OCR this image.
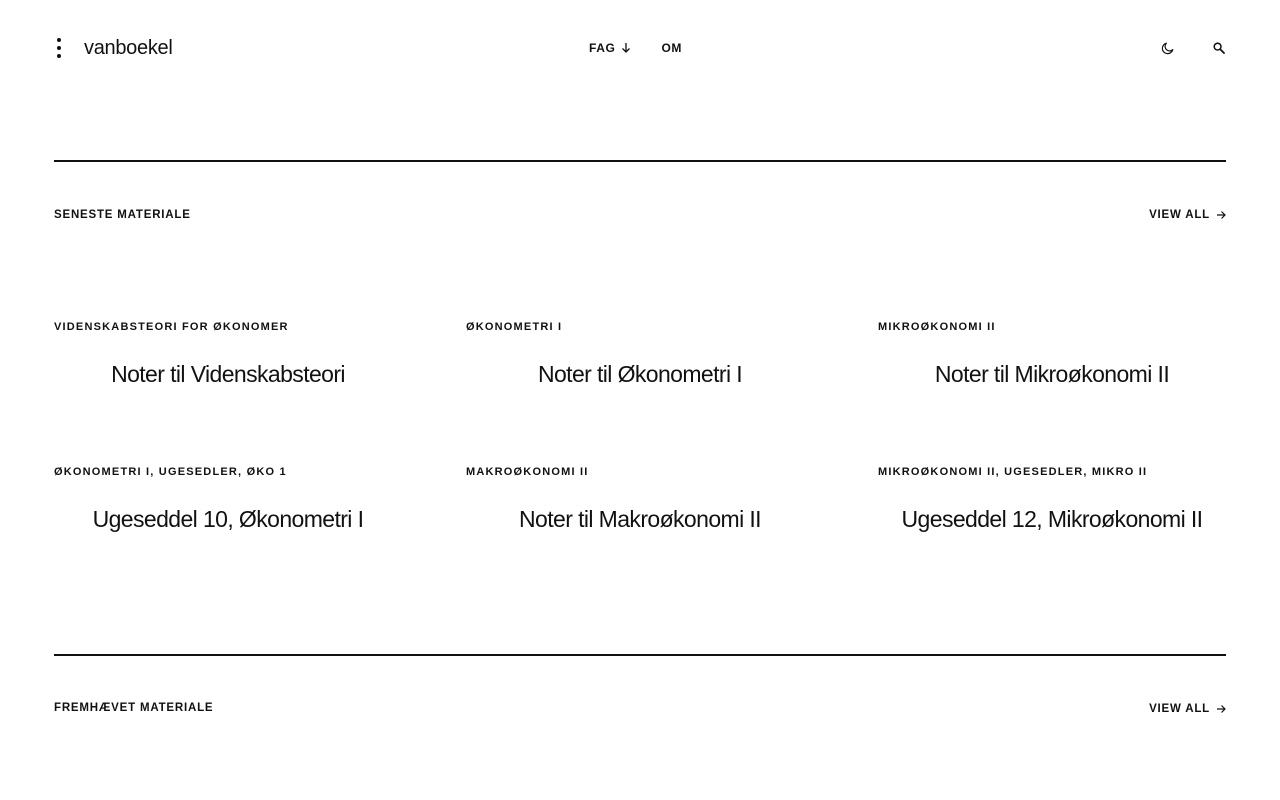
vanboekel	FAG	OM
SENESTE MATERIALE	VIEW ALL
VIDENSKABSTEORI FOR ØKONOMER
Noter til Videnskabsteori
ØKONOMETRI I
Noter til Økonometri I
MIKROØKONOMI II
Noter til Mikroøkonomi II
ØKONOMETRI I, UGESEDLER, ØKO 1
Ugeseddel 10, Økonometri I
MAKROØKONOMI II
Noter til Makroøkonomi II
MIKROØKONOMI II, UGESEDLER, MIKRO II
Ugeseddel 12, Mikroøkonomi II
FREMHÆVET MATERIALE	VIEW ALL
